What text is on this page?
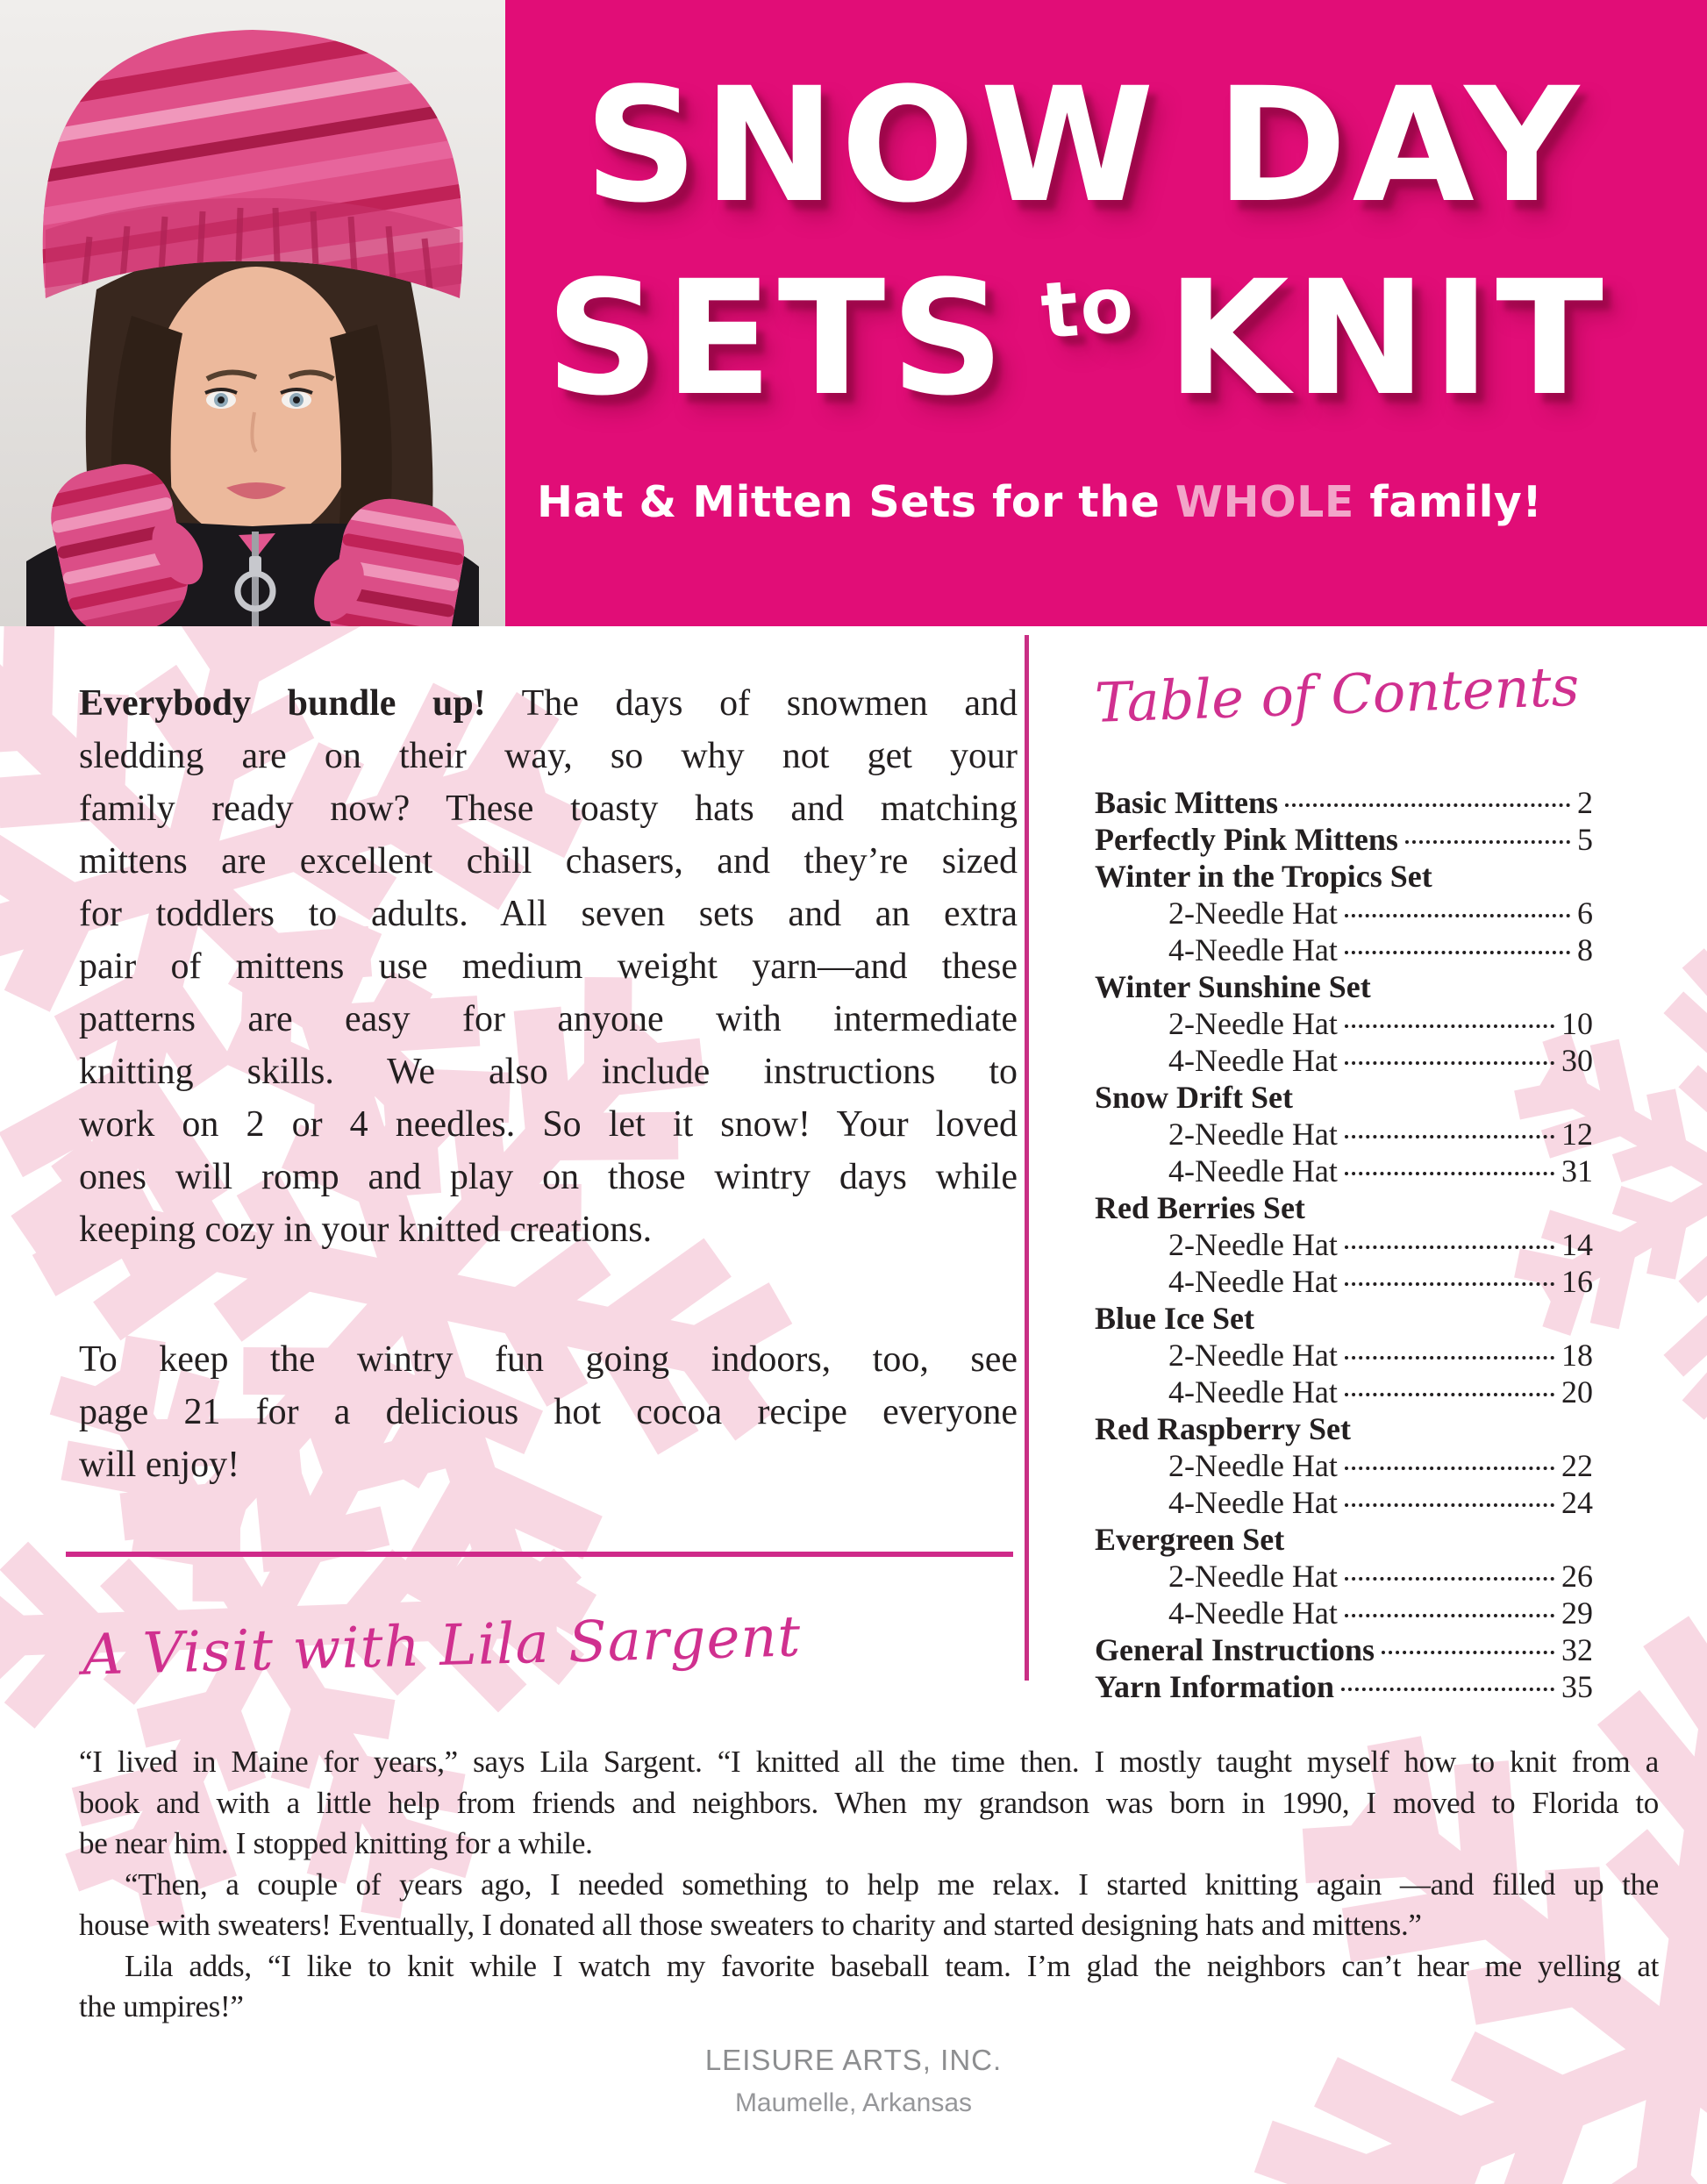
SNOW DAY
SETS to KNIT
Hat & Mitten Sets for the WHOLE family!
Everybody bundle up! The days of snowmen and
sledding are on their way, so why not get your
family ready now? These toasty hats and matching
mittens are excellent chill chasers, and they’re sized
for toddlers to adults. All seven sets and an extra
pair of mittens use medium weight yarn—and these
patterns are easy for anyone with intermediate
knitting skills. We also include instructions to
work on 2 or 4 needles. So let it snow! Your loved
ones will romp and play on those wintry days while
keeping cozy in your knitted creations.
To keep the wintry fun going indoors, too, see
page 21 for a delicious hot cocoa recipe everyone
will enjoy!
Table of Contents
Basic Mittens	2
Perfectly Pink Mittens	5
Winter in the Tropics Set
2-Needle Hat	6
4-Needle Hat	8
Winter Sunshine Set
2-Needle Hat	10
4-Needle Hat	30
Snow Drift Set
2-Needle Hat	12
4-Needle Hat	31
Red Berries Set
2-Needle Hat	14
4-Needle Hat	16
Blue Ice Set
2-Needle Hat	18
4-Needle Hat	20
Red Raspberry Set
2-Needle Hat	22
4-Needle Hat	24
Evergreen Set
2-Needle Hat	26
4-Needle Hat	29
General Instructions	32
Yarn Information	35
A Visit with Lila Sargent
“I lived in Maine for years,” says Lila Sargent. “I knitted all the time then. I mostly taught myself how to knit from a
book and with a little help from friends and neighbors. When my grandson was born in 1990, I moved to Florida to
be near him. I stopped knitting for a while.
“Then, a couple of years ago, I needed something to help me relax. I started knitting again —and filled up the
house with sweaters! Eventually, I donated all those sweaters to charity and started designing hats and mittens.”
Lila adds, “I like to knit while I watch my favorite baseball team. I’m glad the neighbors can’t hear me yelling at
the umpires!”
LEISURE ARTS, INC.
Maumelle, Arkansas
